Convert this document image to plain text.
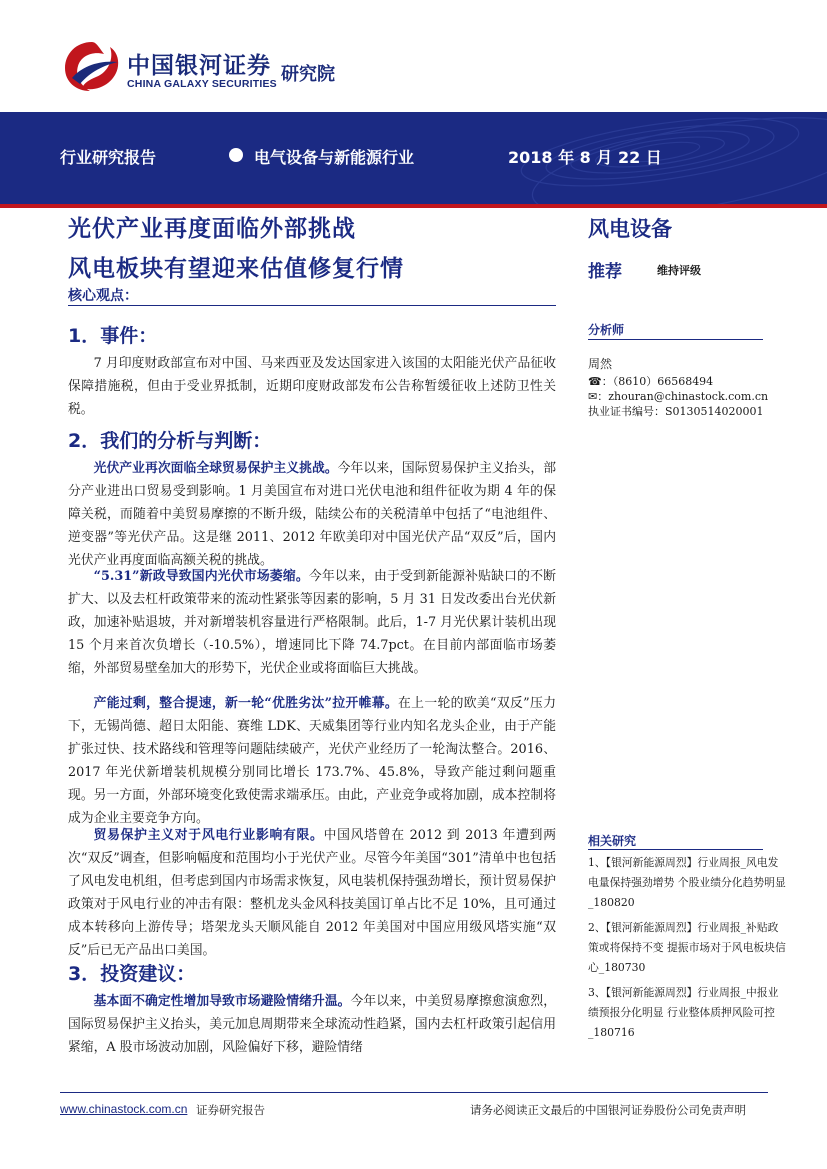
中国银河证券
CHINA GALAXY SECURITIES 研究院
行业研究报告	电气设备与新能源行业	2018 年 8 月 22 日
光伏产业再度面临外部挑战
风电板块有望迎来估值修复行情
核心观点：
1．事件：

7 月印度财政部宣布对中国、马来西亚及发达国家进入该国的太阳能光伏产品征收保障措施税，但由于受业界抵制，近期印度财政部发布公告称暂缓征收上述防卫性关税。

2．我们的分析与判断：

光伏产业再次面临全球贸易保护主义挑战。今年以来，国际贸易保护主义抬头，部分产业进出口贸易受到影响。1 月美国宣布对进口光伏电池和组件征收为期 4 年的保障关税，而随着中美贸易摩擦的不断升级，陆续公布的关税清单中包括了“电池组件、逆变器”等光伏产品。这是继 2011、2012 年欧美印对中国光伏产品“双反”后，国内光伏产业再度面临高额关税的挑战。

“5.31”新政导致国内光伏市场萎缩。今年以来，由于受到新能源补贴缺口的不断扩大、以及去杠杆政策带来的流动性紧张等因素的影响，5 月 31 日发改委出台光伏新政，加速补贴退坡，并对新增装机容量进行严格限制。此后，1-7 月光伏累计装机出现 15 个月来首次负增长（-10.5%），增速同比下降 74.7pct。在目前内部面临市场萎缩，外部贸易壁垒加大的形势下，光伏企业或将面临巨大挑战。

产能过剩，整合提速，新一轮“优胜劣汰”拉开帷幕。在上一轮的欧美“双反”压力下，无锡尚德、超日太阳能、赛维 LDK、天威集团等行业内知名龙头企业，由于产能扩张过快、技术路线和管理等问题陆续破产，光伏产业经历了一轮淘汰整合。2016、2017 年光伏新增装机规模分别同比增长 173.7%、45.8%，导致产能过剩问题重现。另一方面，外部环境变化致使需求端承压。由此，产业竞争或将加剧，成本控制将成为企业主要竞争方向。

贸易保护主义对于风电行业影响有限。中国风塔曾在 2012 到 2013 年遭到两次“双反”调查，但影响幅度和范围均小于光伏产业。尽管今年美国“301”清单中也包括了风电发电机组，但考虑到国内市场需求恢复，风电装机保持强劲增长，预计贸易保护政策对于风电行业的冲击有限：整机龙头金风科技美国订单占比不足 10%，且可通过成本转移向上游传导；塔架龙头天顺风能自 2012 年美国对中国应用级风塔实施“双反”后已无产品出口美国。

3．投资建议：

基本面不确定性增加导致市场避险情绪升温。今年以来，中美贸易摩擦愈演愈烈，国际贸易保护主义抬头，美元加息周期带来全球流动性趋紧，国内去杠杆政策引起信用紧缩，A 股市场波动加剧，风险偏好下移，避险情绪

风电设备
推荐	维持评级
分析师
周然
☎：（8610）66568494
✉：zhouran@chinastock.com.cn
执业证书编号：S0130514020001
相关研究
1、【银河新能源周烈】行业周报_风电发电量保持强劲增势 个股业绩分化趋势明显_180820
2、【银河新能源周烈】行业周报_补贴政策或将保持不变 提振市场对于风电板块信心_180730
3、【银河新能源周烈】行业周报_中报业绩预报分化明显 行业整体质押风险可控_180716
www.chinastock.com.cn 证券研究报告	请务必阅读正文最后的中国银河证券股份公司免责声明
